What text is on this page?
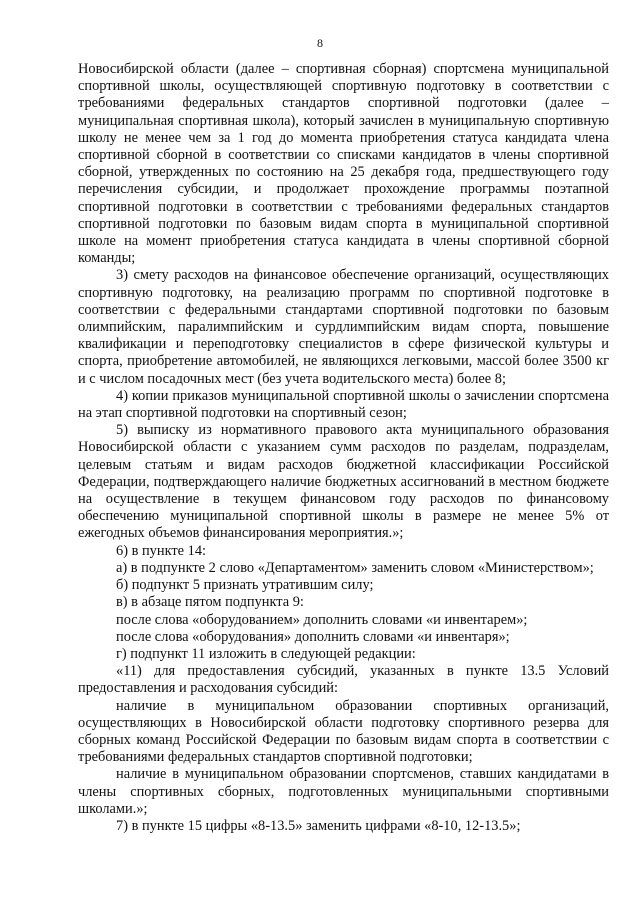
8

Новосибирской области (далее – спортивная сборная) спортсмена муниципальной спортивной школы, осуществляющей спортивную подготовку в соответствии с требованиями федеральных стандартов спортивной подготовки (далее – муниципальная спортивная школа), который зачислен в муниципальную спортивную школу не менее чем за 1 год до момента приобретения статуса кандидата члена спортивной сборной в соответствии со списками кандидатов в члены спортивной сборной, утвержденных по состоянию на 25 декабря года, предшествующего году перечисления субсидии, и продолжает прохождение программы поэтапной спортивной подготовки в соответствии с требованиями федеральных стандартов спортивной подготовки по базовым видам спорта в муниципальной спортивной школе на момент приобретения статуса кандидата в члены спортивной сборной команды;

3) смету расходов на финансовое обеспечение организаций, осуществляющих спортивную подготовку, на реализацию программ по спортивной подготовке в соответствии с федеральными стандартами спортивной подготовки по базовым олимпийским, паралимпийским и сурдлимпийским видам спорта, повышение квалификации и переподготовку специалистов в сфере физической культуры и спорта, приобретение автомобилей, не являющихся легковыми, массой более 3500 кг и с числом посадочных мест (без учета водительского места) более 8;

4) копии приказов муниципальной спортивной школы о зачислении спортсмена на этап спортивной подготовки на спортивный сезон;

5) выписку из нормативного правового акта муниципального образования Новосибирской области с указанием сумм расходов по разделам, подразделам, целевым статьям и видам расходов бюджетной классификации Российской Федерации, подтверждающего наличие бюджетных ассигнований в местном бюджете на осуществление в текущем финансовом году расходов по финансовому обеспечению муниципальной спортивной школы в размере не менее 5% от ежегодных объемов финансирования мероприятия.»;

6) в пункте 14:

а) в подпункте 2 слово «Департаментом» заменить словом «Министерством»;

б) подпункт 5 признать утратившим силу;

в) в абзаце пятом подпункта 9:

после слова «оборудованием» дополнить словами «и инвентарем»;

после слова «оборудования» дополнить словами «и инвентаря»;

г) подпункт 11 изложить в следующей редакции:

«11) для предоставления субсидий, указанных в пункте 13.5 Условий предоставления и расходования субсидий:

наличие в муниципальном образовании спортивных организаций, осуществляющих в Новосибирской области подготовку спортивного резерва для сборных команд Российской Федерации по базовым видам спорта в соответствии с требованиями федеральных стандартов спортивной подготовки;

наличие в муниципальном образовании спортсменов, ставших кандидатами в члены спортивных сборных, подготовленных муниципальными спортивными школами.»;

7) в пункте 15 цифры «8-13.5» заменить цифрами «8-10, 12-13.5»;
